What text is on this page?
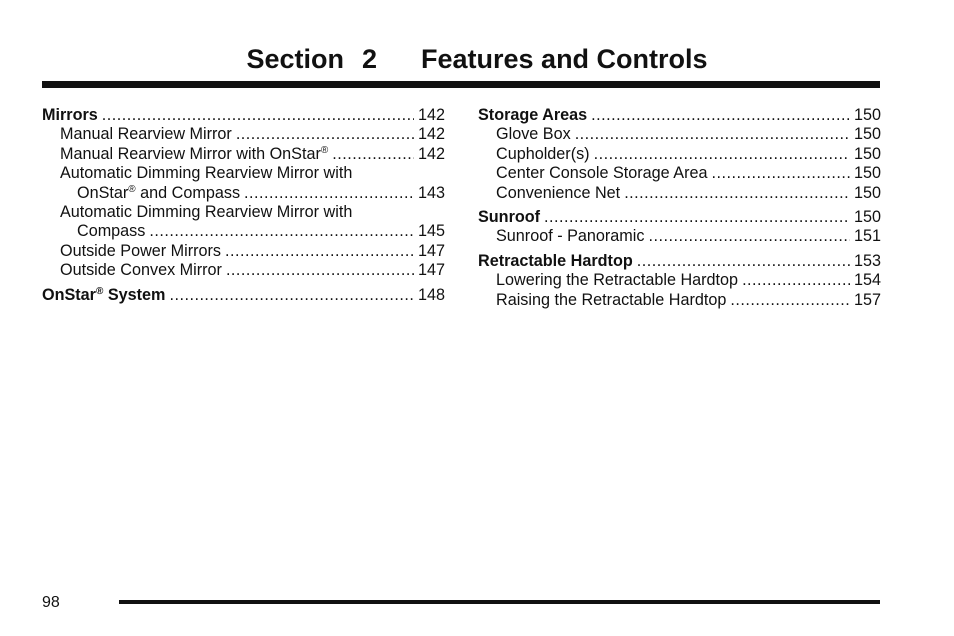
Section 2 Features and Controls
Mirrors .....	142
Manual Rearview Mirror .....	142
Manual Rearview Mirror with OnStar® .....	142
Automatic Dimming Rearview Mirror with
OnStar® and Compass .....	143
Automatic Dimming Rearview Mirror with
Compass .....	145
Outside Power Mirrors .....	147
Outside Convex Mirror .....	147
OnStar® System .....	148
Storage Areas .....	150
Glove Box .....	150
Cupholder(s) .....	150
Center Console Storage Area .....	150
Convenience Net .....	150
Sunroof .....	150
Sunroof - Panoramic .....	151
Retractable Hardtop .....	153
Lowering the Retractable Hardtop .....	154
Raising the Retractable Hardtop .....	157
98
